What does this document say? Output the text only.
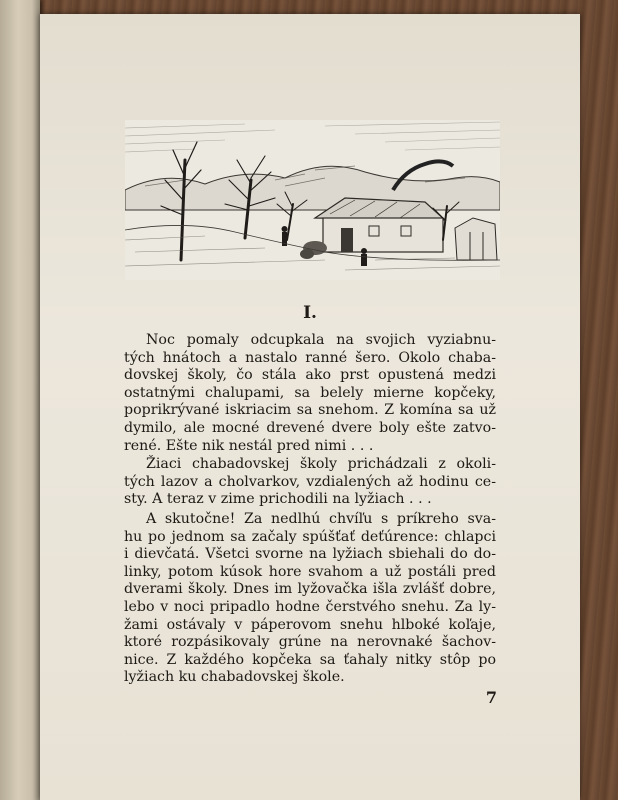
I.
Noc pomaly odcupkala na svojich vyziabnu-
tých hnátoch a nastalo ranné šero. Okolo chaba-
dovskej školy, čo stála ako prst opustená medzi
ostatnými chalupami, sa belely mierne kopčeky,
poprikrývané iskriacim sa snehom. Z komína sa už
dymilo, ale mocné drevené dvere boly ešte zatvo-
rené. Ešte nik nestál pred nimi . . .
Žiaci chabadovskej školy prichádzali z okoli-
tých lazov a cholvarkov, vzdialených až hodinu ce-
sty. A teraz v zime prichodili na lyžiach . . .
A skutočne! Za nedlhú chvíľu s príkreho sva-
hu po jednom sa začaly spúšťať deťúrence: chlapci
i dievčatá. Všetci svorne na lyžiach sbiehali do do-
linky, potom kúsok hore svahom a už postáli pred
dverami školy. Dnes im lyžovačka išla zvlášť dobre,
lebo v noci pripadlo hodne čerstvého snehu. Za ly-
žami ostávaly v páperovom snehu hlboké koľaje,
ktoré rozpásikovaly grúne na nerovnaké šachov-
nice. Z každého kopčeka sa ťahaly nitky stôp po
lyžiach ku chabadovskej škole.
7
